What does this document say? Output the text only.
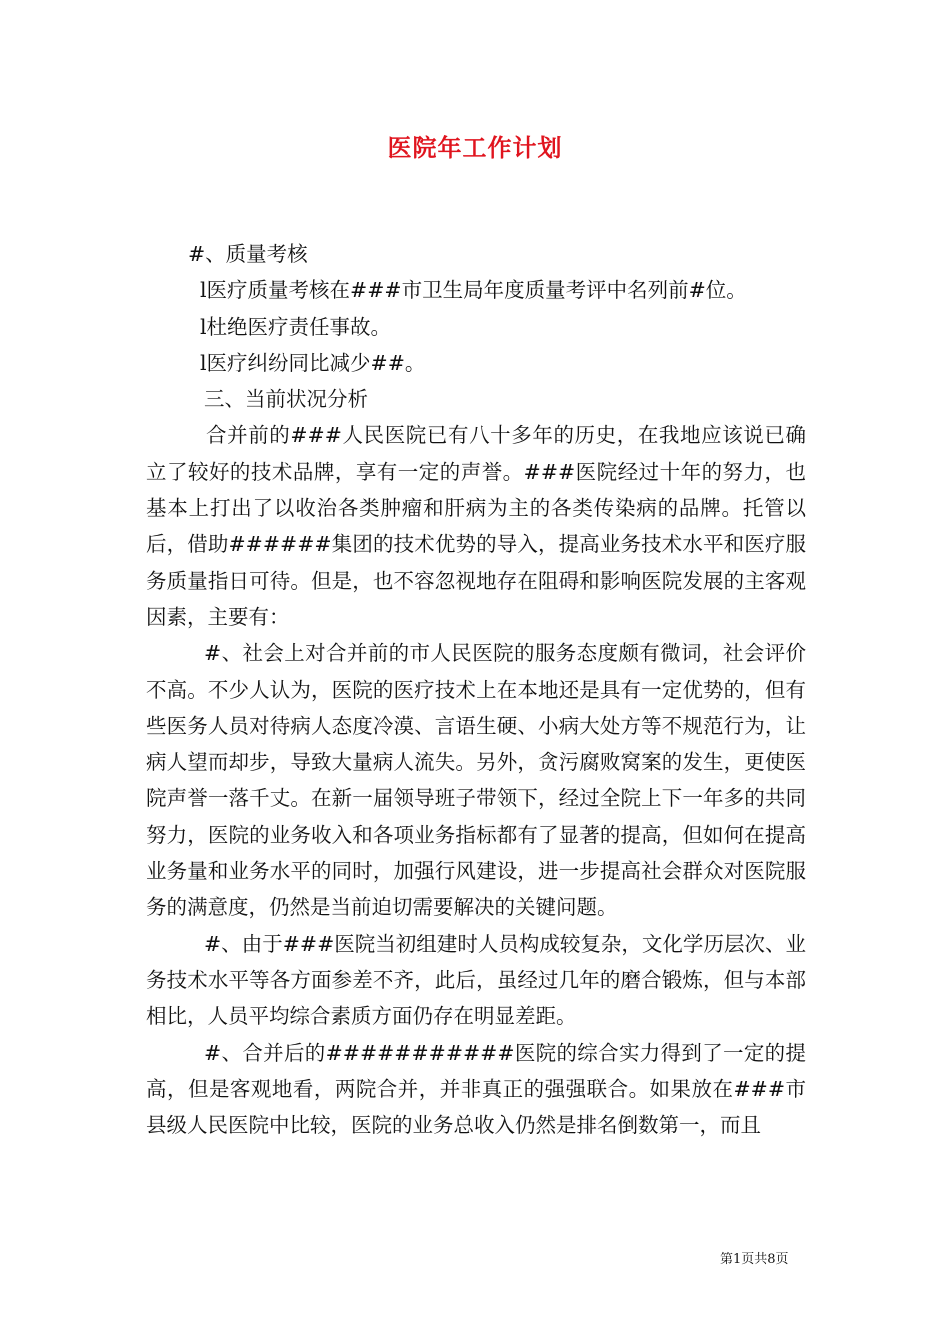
医院年工作计划

#、质量考核

l医疗质量考核在###市卫生局年度质量考评中名列前#位。

l杜绝医疗责任事故。

l医疗纠纷同比减少##。

三、当前状况分析

合并前的###人民医院已有八十多年的历史，在我地应该说已确立了较好的技术品牌，享有一定的声誉。###医院经过十年的努力，也基本上打出了以收治各类肿瘤和肝病为主的各类传染病的品牌。托管以后，借助######集团的技术优势的导入，提高业务技术水平和医疗服务质量指日可待。但是，也不容忽视地存在阻碍和影响医院发展的主客观因素，主要有：

#、社会上对合并前的市人民医院的服务态度颇有微词，社会评价不高。不少人认为，医院的医疗技术上在本地还是具有一定优势的，但有些医务人员对待病人态度冷漠、言语生硬、小病大处方等不规范行为，让病人望而却步，导致大量病人流失。另外，贪污腐败窝案的发生，更使医院声誉一落千丈。在新一届领导班子带领下，经过全院上下一年多的共同努力，医院的业务收入和各项业务指标都有了显著的提高，但如何在提高业务量和业务水平的同时，加强行风建设，进一步提高社会群众对医院服务的满意度，仍然是当前迫切需要解决的关键问题。

#、由于###医院当初组建时人员构成较复杂，文化学历层次、业务技术水平等各方面参差不齐，此后，虽经过几年的磨合锻炼，但与本部相比，人员平均综合素质方面仍存在明显差距。

#、合并后的###########医院的综合实力得到了一定的提高，但是客观地看，两院合并，并非真正的强强联合。如果放在###市县级人民医院中比较，医院的业务总收入仍然是排名倒数第一，而且

第1页共8页
